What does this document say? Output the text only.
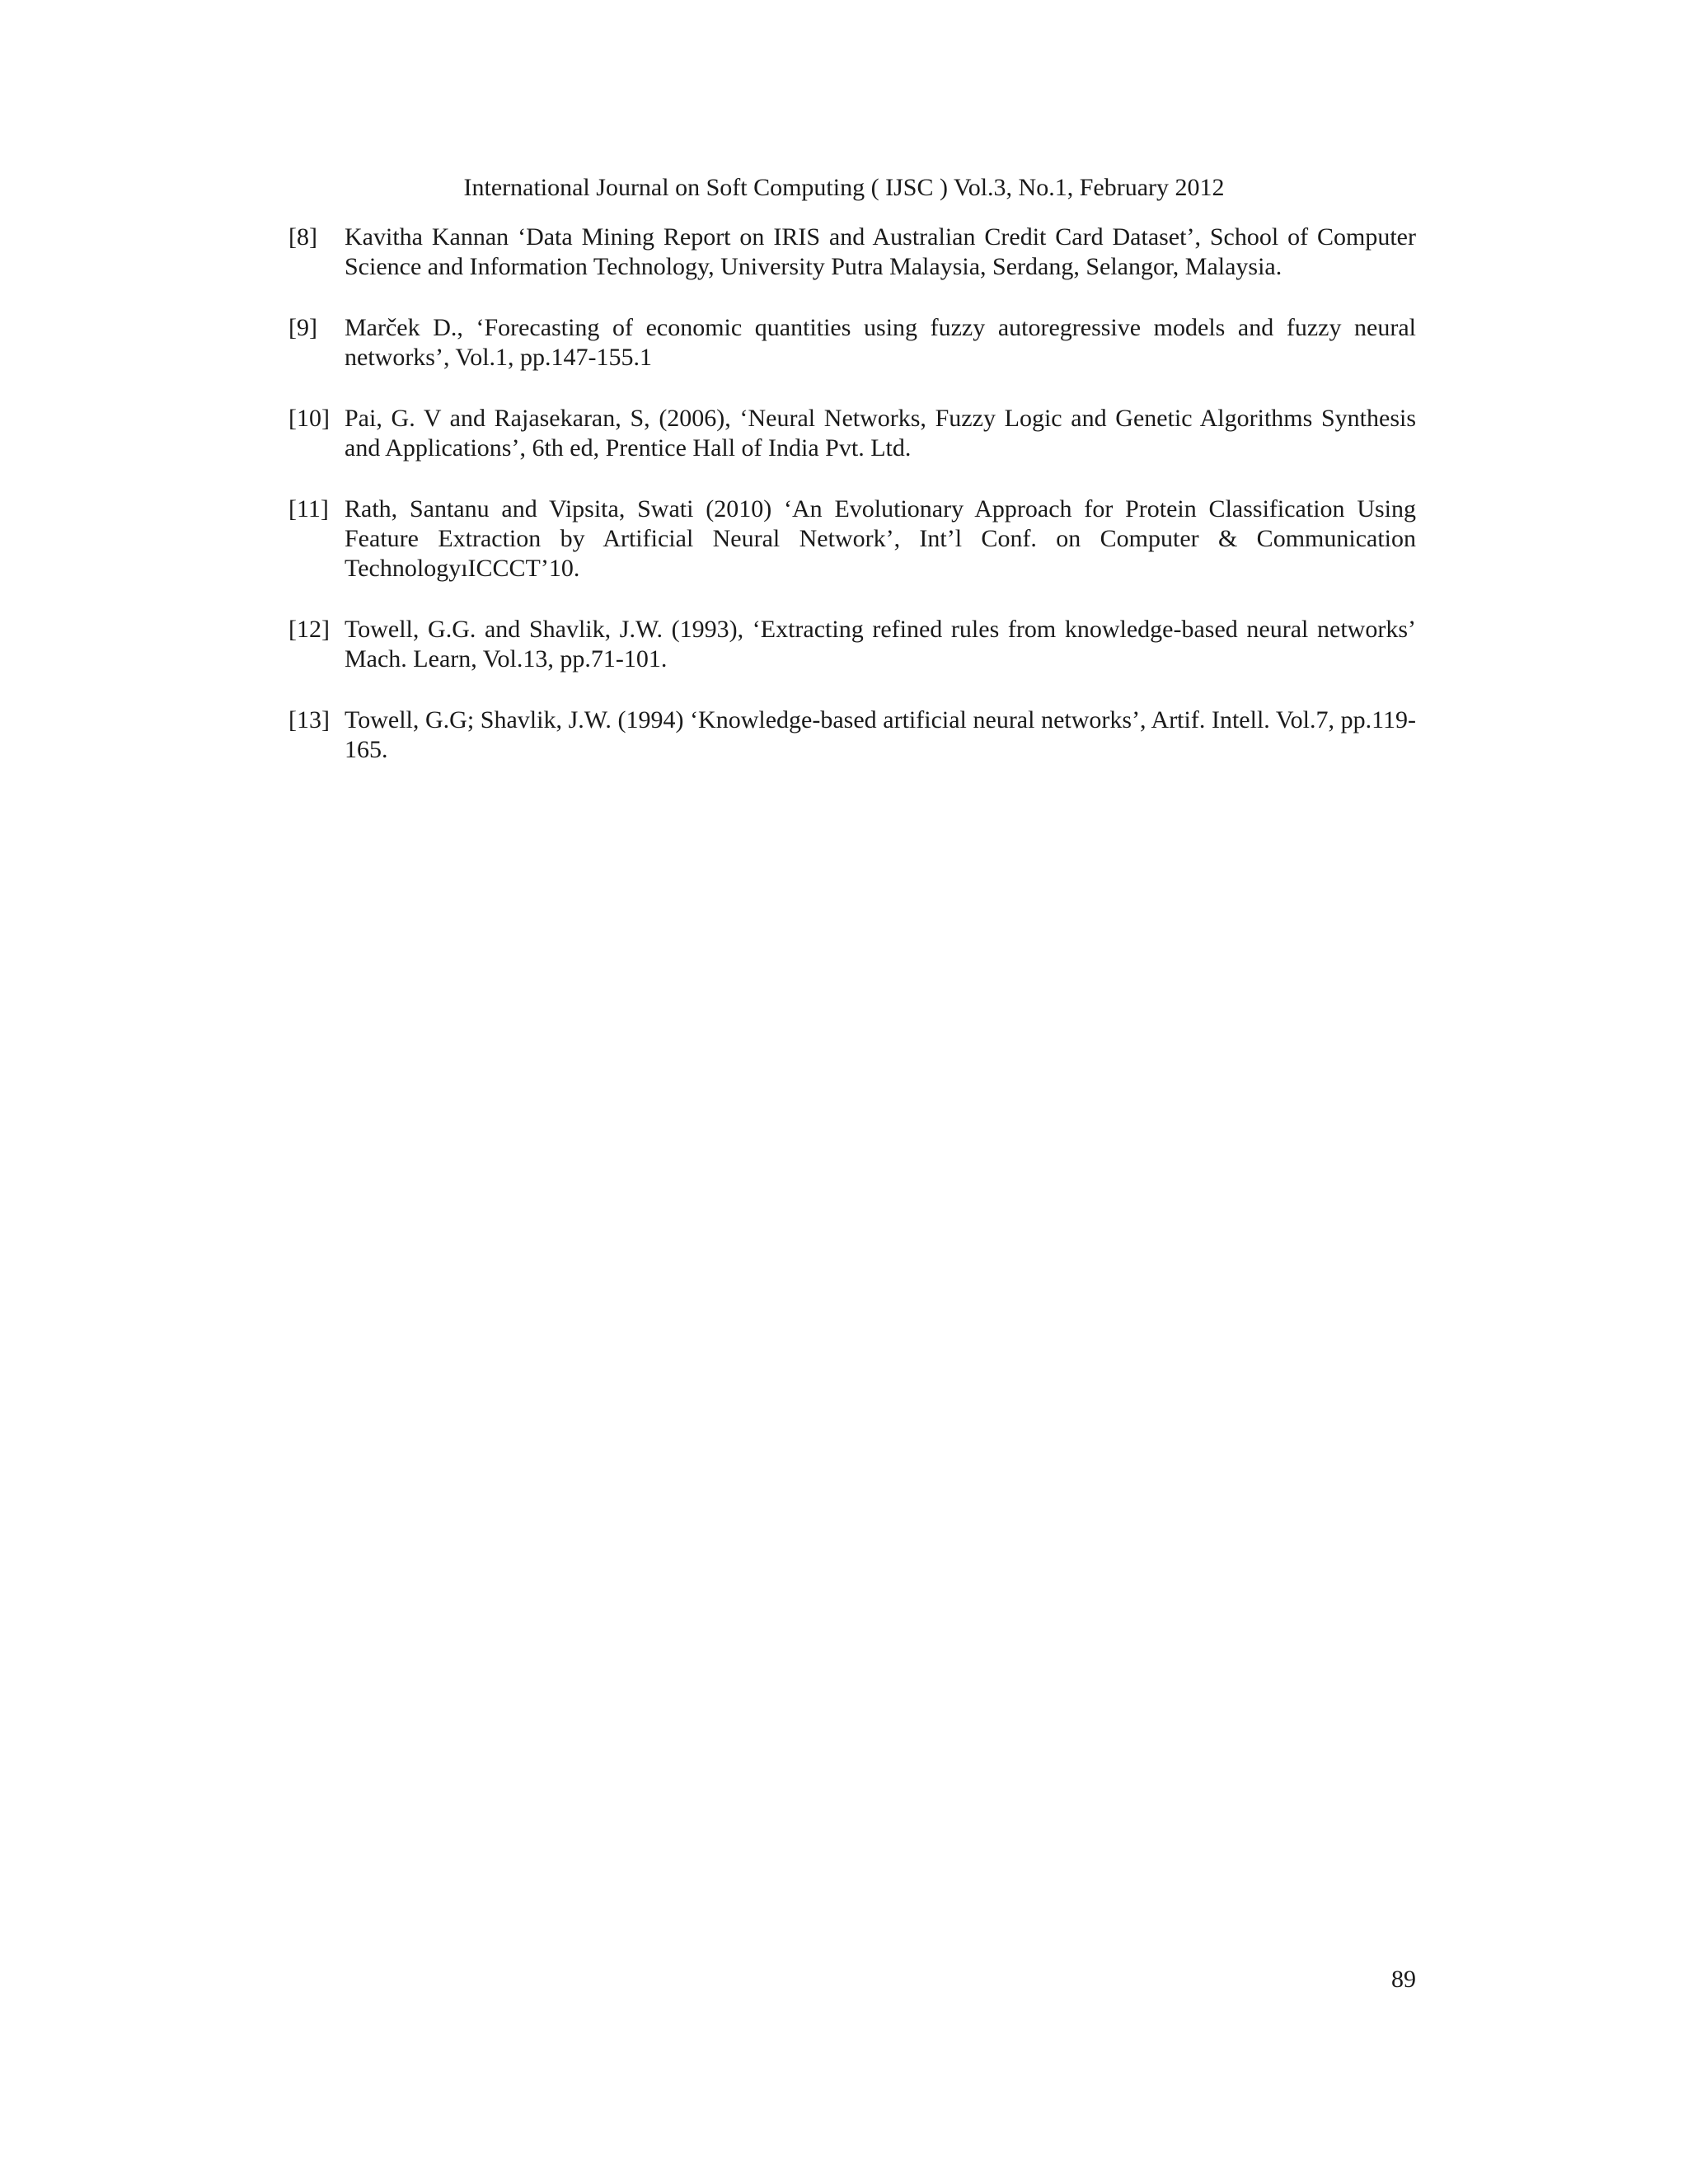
International Journal on Soft Computing ( IJSC ) Vol.3, No.1, February 2012
[8]	Kavitha Kannan ‘Data Mining Report on IRIS and Australian Credit Card Dataset’, School of Computer Science and Information Technology, University Putra Malaysia, Serdang, Selangor, Malaysia.
[9]	Marček D., ‘Forecasting of economic quantities using fuzzy autoregressive models and fuzzy neural networks’, Vol.1, pp.147-155.1
[10] Pai, G. V and Rajasekaran, S, (2006), ‘Neural Networks, Fuzzy Logic and Genetic Algorithms Synthesis and Applications’, 6th ed, Prentice Hall of India Pvt. Ltd.
[11] Rath, Santanu and Vipsita, Swati (2010) ‘An Evolutionary Approach for Protein Classification Using Feature Extraction by Artificial Neural Network’, Int’l Conf. on Computer & Communication TechnologyıICCCT’10.
[12] Towell, G.G. and Shavlik, J.W. (1993), ‘Extracting refined rules from knowledge-based neural networks’ Mach. Learn, Vol.13, pp.71-101.
[13] Towell, G.G; Shavlik, J.W. (1994) ‘Knowledge-based artificial neural networks’, Artif. Intell. Vol.7, pp.119-165.
89
